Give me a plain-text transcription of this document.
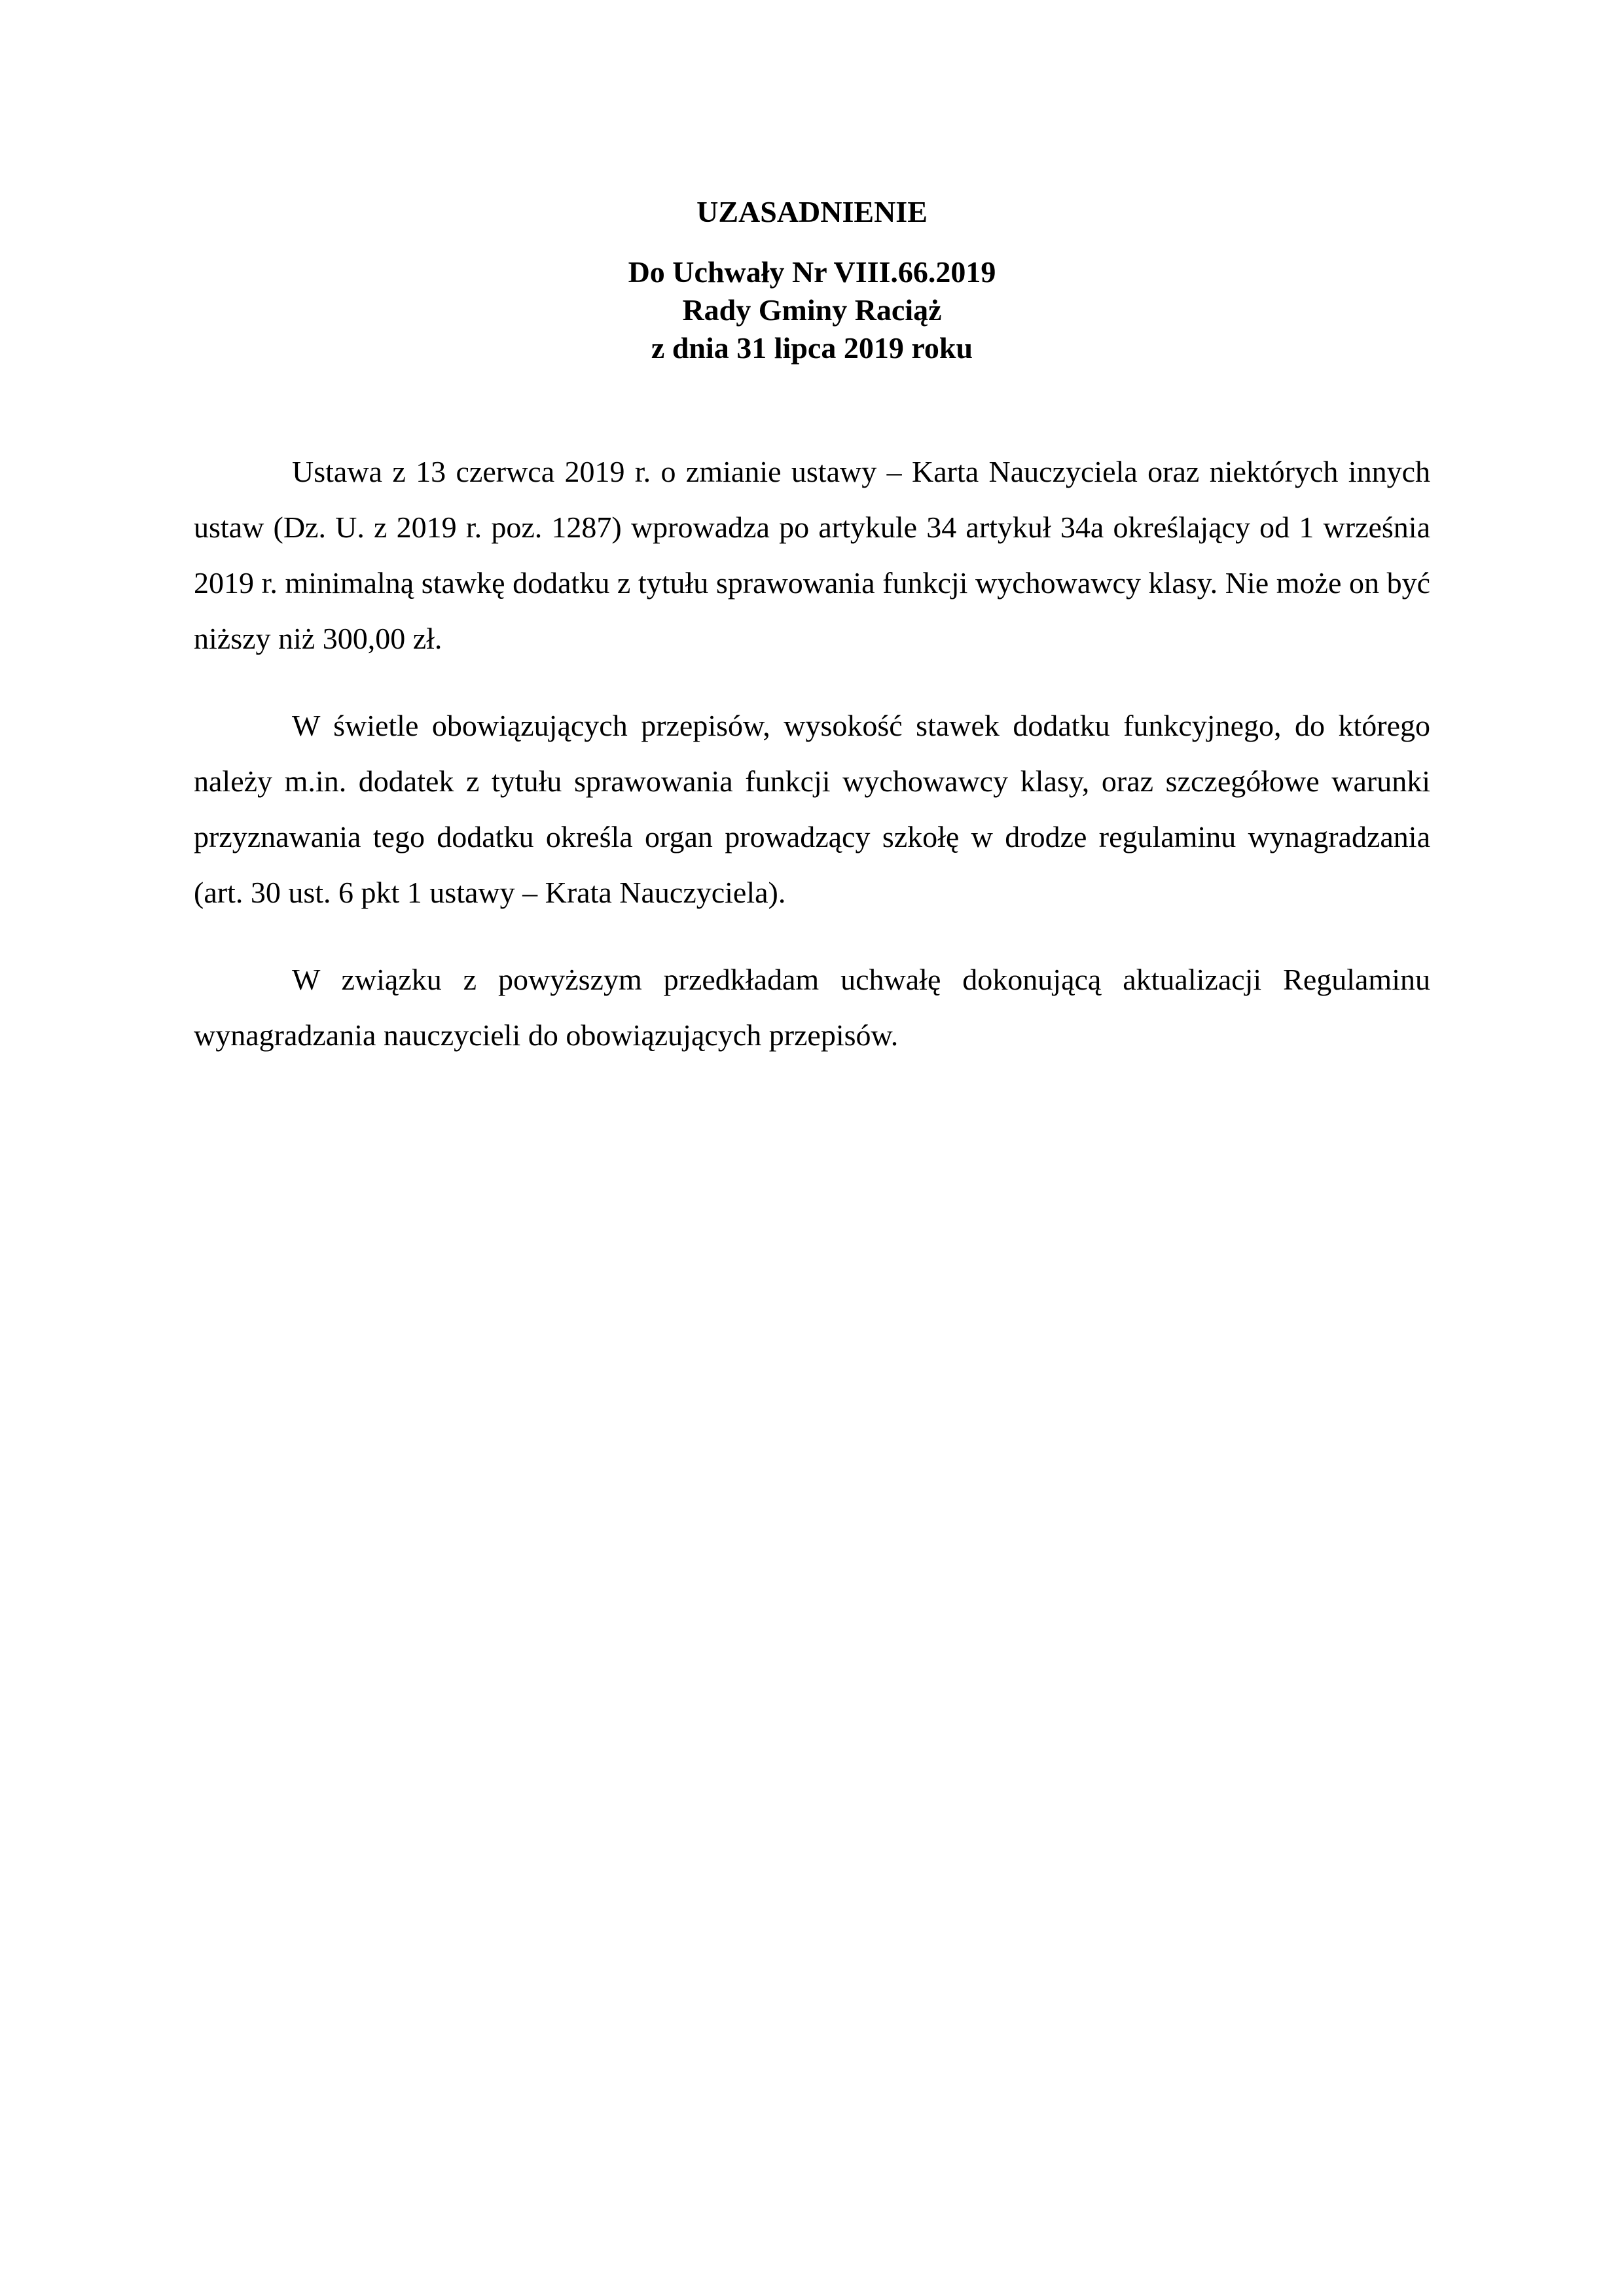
UZASADNIENIE
Do Uchwały Nr VIII.66.2019
Rady Gminy Raciąż
z dnia 31 lipca 2019 roku

Ustawa z 13 czerwca 2019 r. o zmianie ustawy – Karta Nauczyciela oraz niektórych innych ustaw (Dz. U. z 2019 r. poz. 1287) wprowadza po artykule 34 artykuł 34a określający od 1 września 2019 r. minimalną stawkę dodatku z tytułu sprawowania funkcji wychowawcy klasy. Nie może on być niższy niż 300,00 zł.

W świetle obowiązujących przepisów, wysokość stawek dodatku funkcyjnego, do którego należy m.in. dodatek z tytułu sprawowania funkcji wychowawcy klasy, oraz szczegółowe warunki przyznawania tego dodatku określa organ prowadzący szkołę w drodze regulaminu wynagradzania (art. 30 ust. 6 pkt 1 ustawy – Krata Nauczyciela).

W związku z powyższym przedkładam uchwałę dokonującą aktualizacji Regulaminu wynagradzania nauczycieli do obowiązujących przepisów.
